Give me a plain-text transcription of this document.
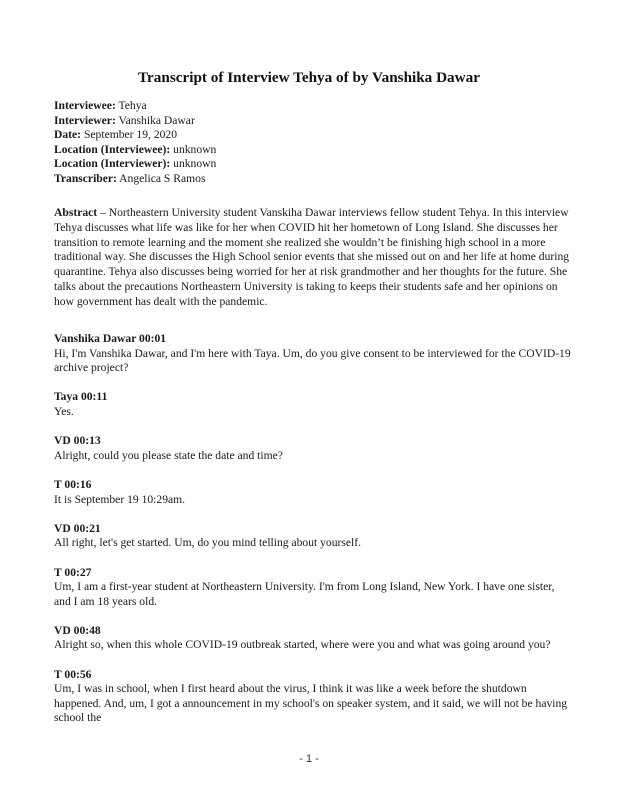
Transcript of Interview Tehya of by Vanshika Dawar
Interviewee: Tehya
Interviewer: Vanshika Dawar
Date: September 19, 2020
Location (Interviewee): unknown
Location (Interviewer): unknown
Transcriber: Angelica S Ramos
Abstract – Northeastern University student Vanskiha Dawar interviews fellow student Tehya. In this interview Tehya discusses what life was like for her when COVID hit her hometown of Long Island. She discusses her transition to remote learning and the moment she realized she wouldn’t be finishing high school in a more traditional way. She discusses the High School senior events that she missed out on and her life at home during quarantine. Tehya also discusses being worried for her at risk grandmother and her thoughts for the future. She talks about the precautions Northeastern University is taking to keeps their students safe and her opinions on how government has dealt with the pandemic.
Vanshika Dawar 00:01
Hi, I'm Vanshika Dawar, and I'm here with Taya. Um, do you give consent to be interviewed for the COVID-19 archive project?
Taya 00:11
Yes.
VD 00:13
Alright, could you please state the date and time?
T 00:16
It is September 19 10:29am.
VD 00:21
All right, let's get started. Um, do you mind telling about yourself.
T 00:27
Um, I am a first-year student at Northeastern University. I'm from Long Island, New York. I have one sister, and I am 18 years old.
VD 00:48
Alright so, when this whole COVID-19 outbreak started, where were you and what was going around you?
T 00:56
Um, I was in school, when I first heard about the virus, I think it was like a week before the shutdown happened. And, um, I got a announcement in my school's on speaker system, and it said, we will not be having school the
- 1 -
